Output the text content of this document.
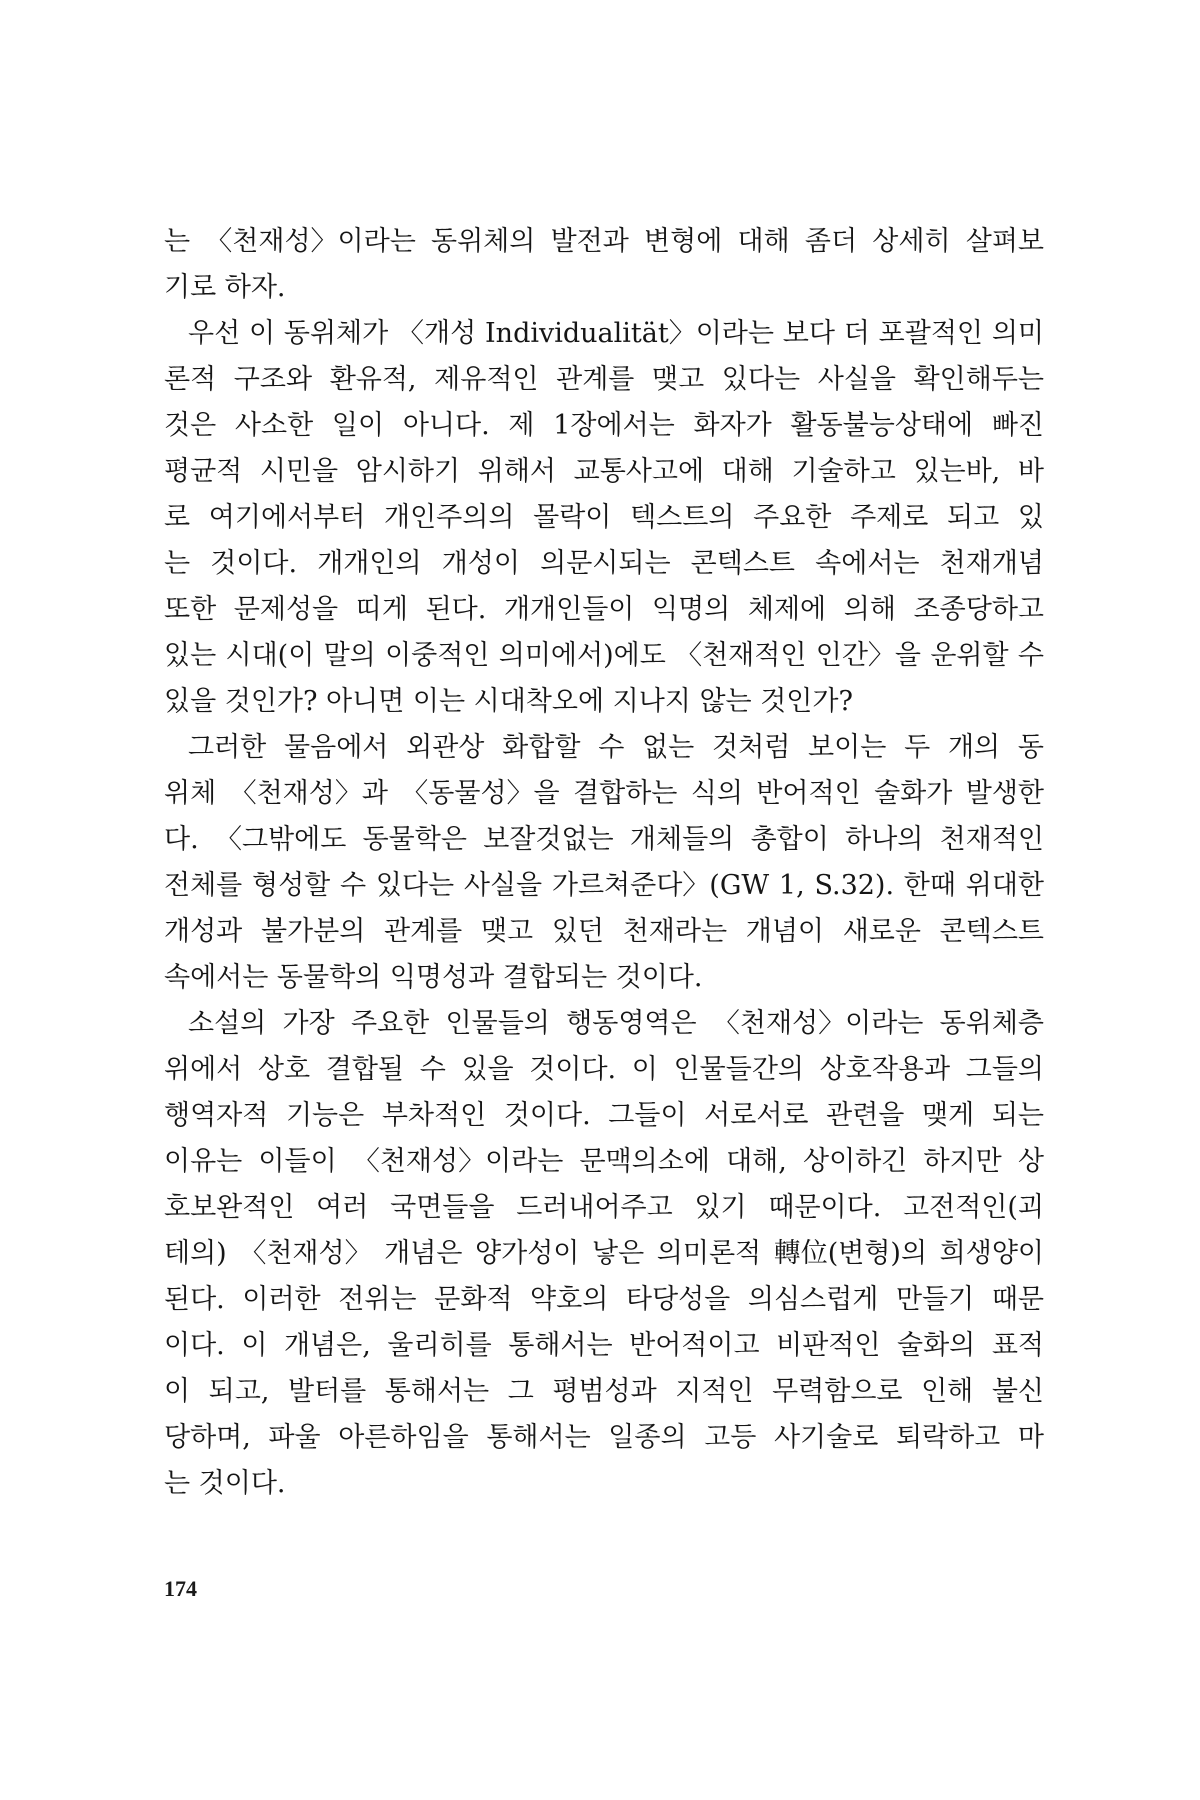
는 〈천재성〉이라는 동위체의 발전과 변형에 대해 좀더 상세히 살펴보
기로 하자.
우선 이 동위체가 〈개성 Individualität〉이라는 보다 더 포괄적인 의미
론적 구조와 환유적, 제유적인 관계를 맺고 있다는 사실을 확인해두는
것은 사소한 일이 아니다. 제 1장에서는 화자가 활동불능상태에 빠진
평균적 시민을 암시하기 위해서 교통사고에 대해 기술하고 있는바, 바
로 여기에서부터 개인주의의 몰락이 텍스트의 주요한 주제로 되고 있
는 것이다. 개개인의 개성이 의문시되는 콘텍스트 속에서는 천재개념
또한 문제성을 띠게 된다. 개개인들이 익명의 체제에 의해 조종당하고
있는 시대(이 말의 이중적인 의미에서)에도 〈천재적인 인간〉을 운위할 수
있을 것인가? 아니면 이는 시대착오에 지나지 않는 것인가?
그러한 물음에서 외관상 화합할 수 없는 것처럼 보이는 두 개의 동
위체 〈천재성〉과 〈동물성〉을 결합하는 식의 반어적인 술화가 발생한
다. 〈그밖에도 동물학은 보잘것없는 개체들의 총합이 하나의 천재적인
전체를 형성할 수 있다는 사실을 가르쳐준다〉(GW 1, S.32). 한때 위대한
개성과 불가분의 관계를 맺고 있던 천재라는 개념이 새로운 콘텍스트
속에서는 동물학의 익명성과 결합되는 것이다.
소설의 가장 주요한 인물들의 행동영역은 〈천재성〉이라는 동위체층
위에서 상호 결합될 수 있을 것이다. 이 인물들간의 상호작용과 그들의
행역자적 기능은 부차적인 것이다. 그들이 서로서로 관련을 맺게 되는
이유는 이들이 〈천재성〉이라는 문맥의소에 대해, 상이하긴 하지만 상
호보완적인 여러 국면들을 드러내어주고 있기 때문이다. 고전적인(괴
테의) 〈천재성〉 개념은 양가성이 낳은 의미론적 轉位(변형)의 희생양이
된다. 이러한 전위는 문화적 약호의 타당성을 의심스럽게 만들기 때문
이다. 이 개념은, 울리히를 통해서는 반어적이고 비판적인 술화의 표적
이 되고, 발터를 통해서는 그 평범성과 지적인 무력함으로 인해 불신
당하며, 파울 아른하임을 통해서는 일종의 고등 사기술로 퇴락하고 마
는 것이다.
174
